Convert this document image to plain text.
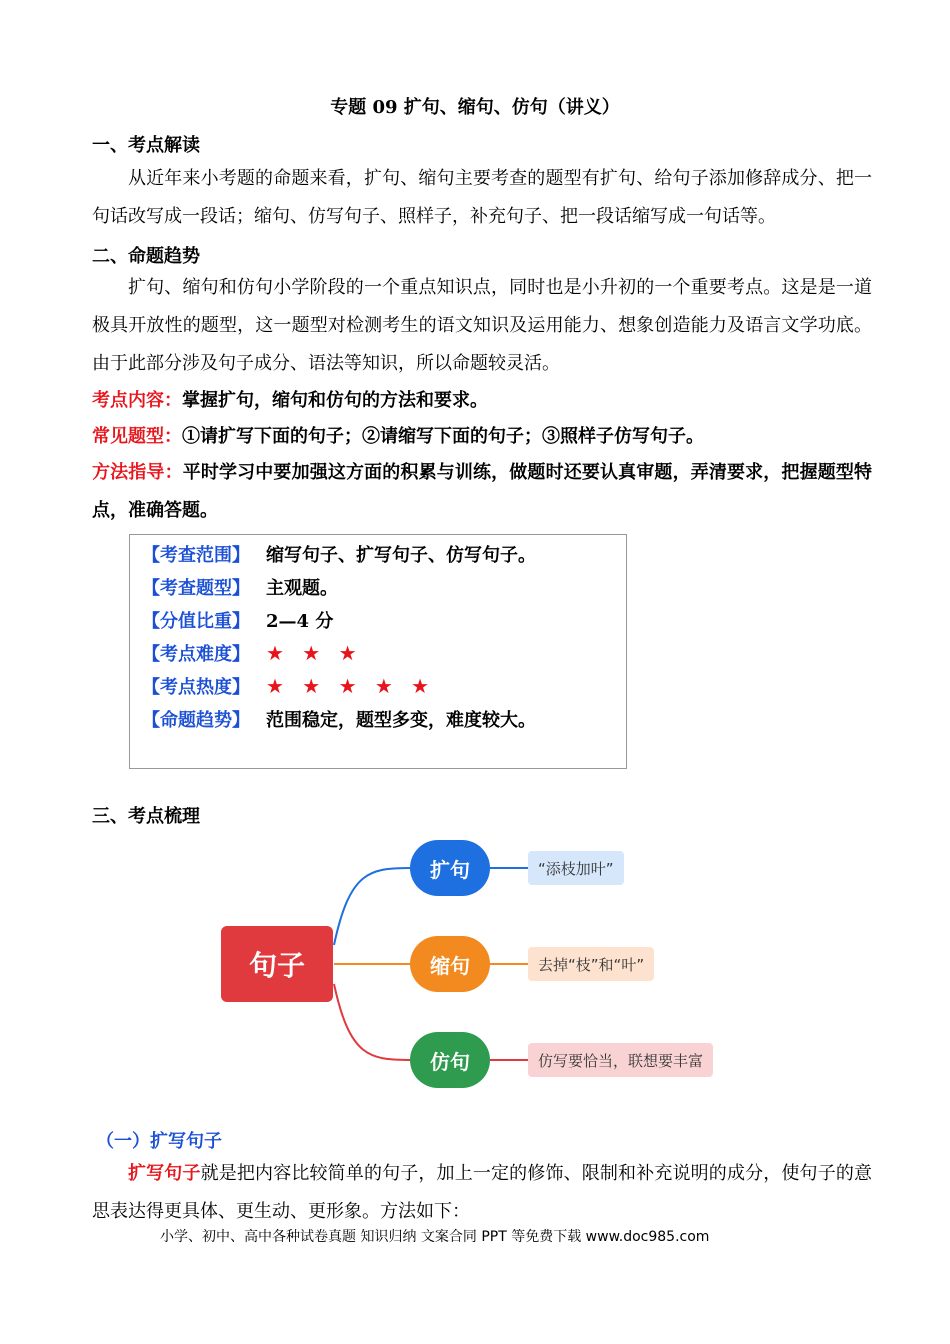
专题 09 扩句、缩句、仿句（讲义）
一、考点解读
从近年来小考题的命题来看，扩句、缩句主要考查的题型有扩句、给句子添加修辞成分、把一句话改写成一段话；缩句、仿写句子、照样子，补充句子、把一段话缩写成一句话等。
二、命题趋势
扩句、缩句和仿句小学阶段的一个重点知识点，同时也是小升初的一个重要考点。这是是一道极具开放性的题型，这一题型对检测考生的语文知识及运用能力、想象创造能力及语言文学功底。由于此部分涉及句子成分、语法等知识，所以命题较灵活。
考点内容：掌握扩句，缩句和仿句的方法和要求。
常见题型：①请扩写下面的句子；②请缩写下面的句子；③照样子仿写句子。
方法指导：平时学习中要加强这方面的积累与训练，做题时还要认真审题，弄清要求，把握题型特点，准确答题。
【考查范围】 缩写句子、扩写句子、仿写句子。
【考查题型】 主观题。
【分值比重】 2—4 分
【考点难度】 ★ ★ ★
【考点热度】 ★ ★ ★ ★ ★
【命题趋势】 范围稳定，题型多变，难度较大。
三、考点梳理
句子
扩句
缩句
仿句
“添枝加叶”
去掉“枝”和“叶”
仿写要恰当，联想要丰富
（一）扩写句子
扩写句子就是把内容比较简单的句子，加上一定的修饰、限制和补充说明的成分，使句子的意思表达得更具体、更生动、更形象。方法如下：
小学、初中、高中各种试卷真题 知识归纳 文案合同 PPT 等免费下载 www.doc985.com
